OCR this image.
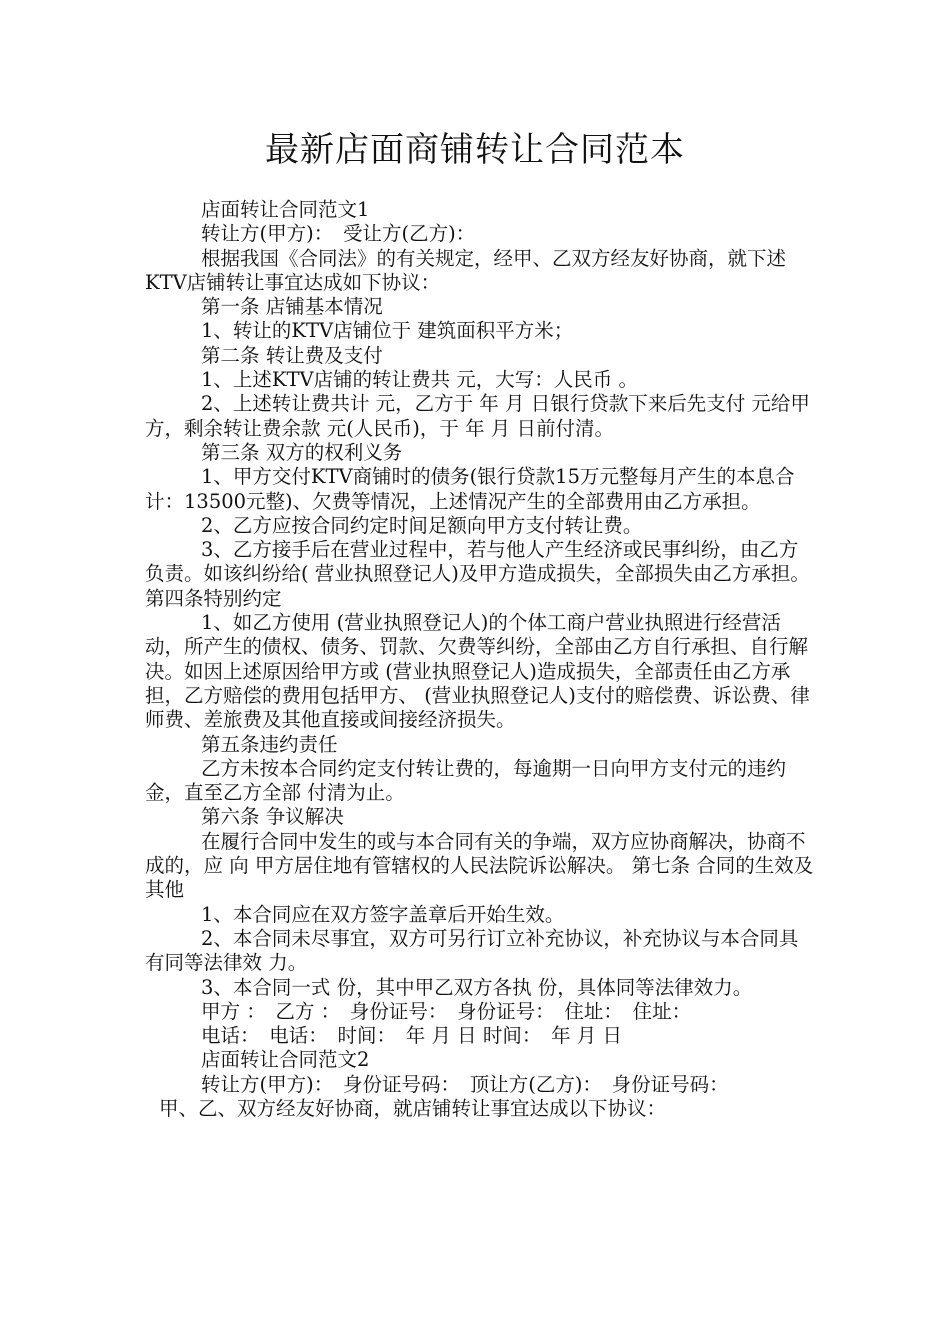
最新店面商铺转让合同范本

店面转让合同范文1

转让方(甲方)：　受让方(乙方)：

根据我国《合同法》的有关规定，经甲、乙双方经友好协商，就下述KTV店铺转让事宜达成如下协议：

第一条 店铺基本情况

1、转让的KTV店铺位于 建筑面积平方米；

第二条 转让费及支付

1、上述KTV店铺的转让费共 元，大写：人民币 。

2、上述转让费共计 元，乙方于 年 月 日银行贷款下来后先支付 元给甲方，剩余转让费余款 元(人民币)，于 年 月 日前付清。

第三条 双方的权利义务

1、甲方交付KTV商铺时的债务(银行贷款15万元整每月产生的本息合计：13500元整)、欠费等情况，上述情况产生的全部费用由乙方承担。

2、乙方应按合同约定时间足额向甲方支付转让费。

3、乙方接手后在营业过程中，若与他人产生经济或民事纠纷，由乙方负责。如该纠纷给( 营业执照登记人)及甲方造成损失，全部损失由乙方承担。　第四条特别约定

1、如乙方使用 (营业执照登记人)的个体工商户营业执照进行经营活动，所产生的债权、债务、罚款、欠费等纠纷，全部由乙方自行承担、自行解决。如因上述原因给甲方或 (营业执照登记人)造成损失，全部责任由乙方承担，乙方赔偿的费用包括甲方、 (营业执照登记人)支付的赔偿费、诉讼费、律师费、差旅费及其他直接或间接经济损失。

第五条违约责任

乙方未按本合同约定支付转让费的，每逾期一日向甲方支付元的违约金，直至乙方全部 付清为止。

第六条 争议解决

在履行合同中发生的或与本合同有关的争端，双方应协商解决，协商不成的，应 向 甲方居住地有管辖权的人民法院诉讼解决。 第七条 合同的生效及其他

1、本合同应在双方签字盖章后开始生效。

2、本合同未尽事宜，双方可另行订立补充协议，补充协议与本合同具有同等法律效 力。

3、本合同一式 份，其中甲乙双方各执 份，具体同等法律效力。

甲方 ：　乙方 ：　身份证号：　身份证号：　住址：　住址：

电话：　电话：　时间：　年 月 日 时间：　年 月 日

店面转让合同范文2

转让方(甲方)：　身份证号码：　顶让方(乙方)：　身份证号码：

甲、乙、双方经友好协商，就店铺转让事宜达成以下协议：
